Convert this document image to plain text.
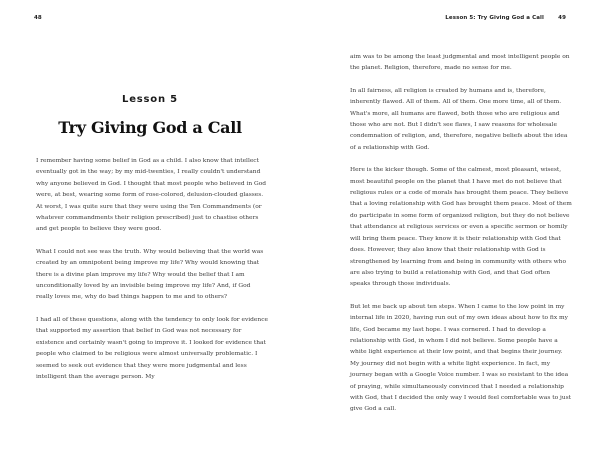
48
Lesson 5
Try Giving God a Call

I remember having some belief in God as a child. I also know that intellect eventually got in the way; by my mid-twenties, I really couldn't understand why anyone believed in God. I thought that most people who believed in God were, at best, wearing some form of rose-colored, delusion-clouded glasses. At worst, I was quite sure that they were using the Ten Commandments (or whatever commandments their religion prescribed) just to chastise others and get people to believe they were good.

What I could not see was the truth. Why would believing that the world was created by an omnipotent being improve my life? Why would knowing that there is a divine plan improve my life? Why would the belief that I am unconditionally loved by an invisible being improve my life? And, if God really loves me, why do bad things happen to me and to others?

I had all of these questions, along with the tendency to only look for evidence that supported my assertion that belief in God was not necessary for existence and certainly wasn't going to improve it. I looked for evidence that people who claimed to be religious were almost universally problematic. I seemed to seek out evidence that they were more judgmental and less intelligent than the average person. My

Lesson 5: Try Giving God a Call	49

aim was to be among the least judgmental and most intelligent people on the planet. Religion, therefore, made no sense for me.

In all fairness, all religion is created by humans and is, therefore, inherently flawed. All of them. All of them. One more time, all of them. What's more, all humans are flawed, both those who are religious and those who are not. But I didn't see flaws, I saw reasons for wholesale condemnation of religion, and, therefore, negative beliefs about the idea of a relationship with God.

Here is the kicker though. Some of the calmest, most pleasant, wisest, most beautiful people on the planet that I have met do not believe that religious rules or a code of morals has brought them peace. They believe that a loving relationship with God has brought them peace. Most of them do participate in some form of organized religion, but they do not believe that attendance at religious services or even a specific sermon or homily will bring them peace. They know it is their relationship with God that does. However, they also know that their relationship with God is strengthened by learning from and being in community with others who are also trying to build a relationship with God, and that God often speaks through those individuals.

But let me back up about ten steps. When I came to the low point in my internal life in 2020, having run out of my own ideas about how to fix my life, God became my last hope. I was cornered. I had to develop a relationship with God, in whom I did not believe. Some people have a white light experience at their low point, and that begins their journey. My journey did not begin with a white light experience. In fact, my journey began with a Google Voice number. I was so resistant to the idea of praying, while simultaneously convinced that I needed a relationship with God, that I decided the only way I would feel comfortable was to just give God a call.
